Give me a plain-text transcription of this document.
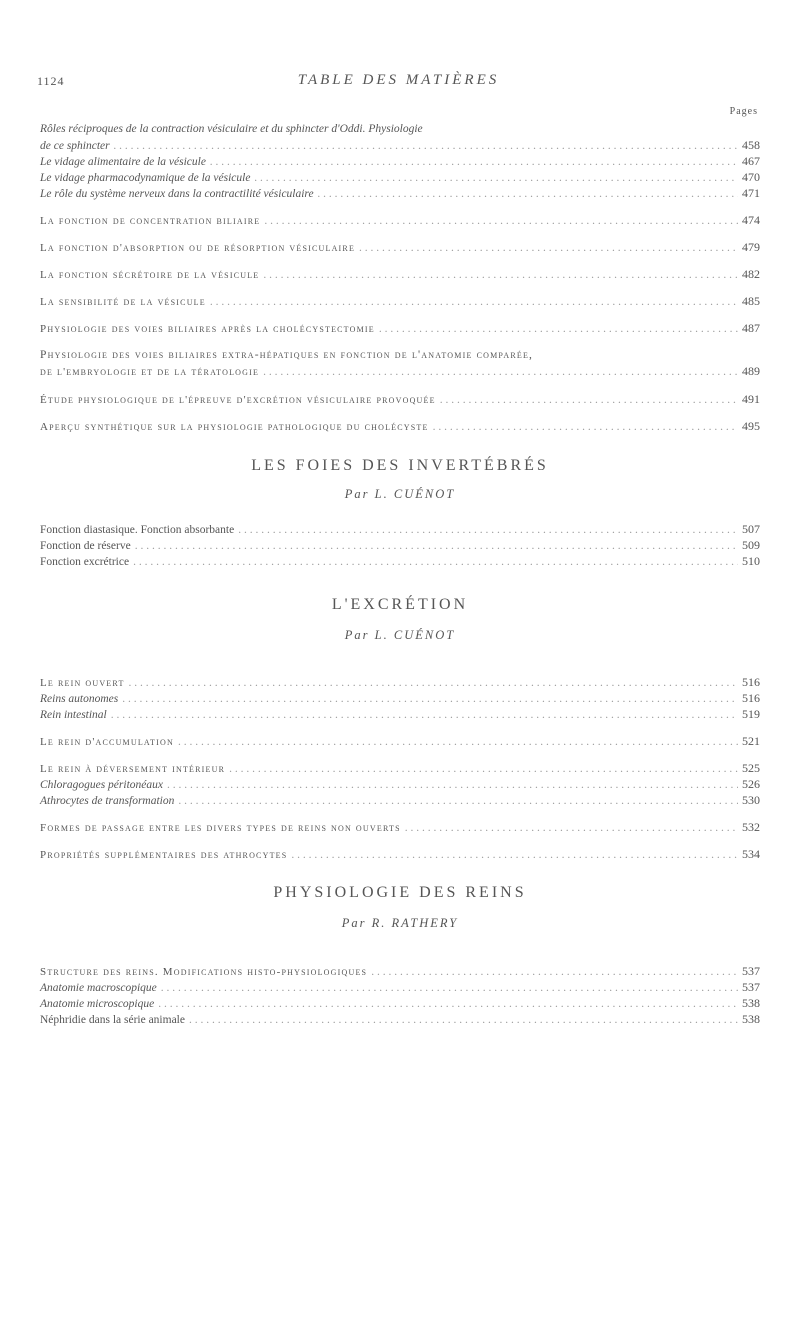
1124	TABLE DES MATIÈRES
Pages
Rôles réciproques de la contraction vésiculaire et du sphincter d'Oddi. Physiologie
de ce sphincter . . .	458
Le vidage alimentaire de la vésicule . . .	467
Le vidage pharmacodynamique de la vésicule . . .	470
Le rôle du système nerveux dans la contractilité vésiculaire . . .	471
La fonction de concentration biliaire . . .	474
La fonction d'absorption ou de résorption vésiculaire . . .	479
La fonction sécrétoire de la vésicule . . .	482
La sensibilité de la vésicule . . .	485
Physiologie des voies biliaires après la cholécystectomie . . .	487
Physiologie des voies biliaires extra-hépatiques en fonction de l'anatomie comparée,
de l'embryologie et de la tératologie . . .	489
Étude physiologique de l'épreuve d'excrétion vésiculaire provoquée . . .	491
Aperçu synthétique sur la physiologie pathologique du cholécyste . . .	495
LES FOIES DES INVERTÉBRÉS
Par L. CUÉNOT
Fonction diastasique. Fonction absorbante . . .	507
Fonction de réserve . . .	509
Fonction excrétrice . . .	510
L'EXCRÉTION
Par L. CUÉNOT
Le rein ouvert . . .	516
Reins autonomes . . .	516
Rein intestinal . . .	519
Le rein d'accumulation . . .	521
Le rein à déversement intérieur . . .	525
Chloragogues péritonéaux . . .	526
Athrocytes de transformation . . .	530
Formes de passage entre les divers types de reins non ouverts . . .	532
Propriétés supplémentaires des athrocytes . . .	534
PHYSIOLOGIE DES REINS
Par R. RATHERY
Structure des reins. Modifications histo-physiologiques . . .	537
Anatomie macroscopique . . .	537
Anatomie microscopique . . .	538
Néphridie dans la série animale . . .	538
